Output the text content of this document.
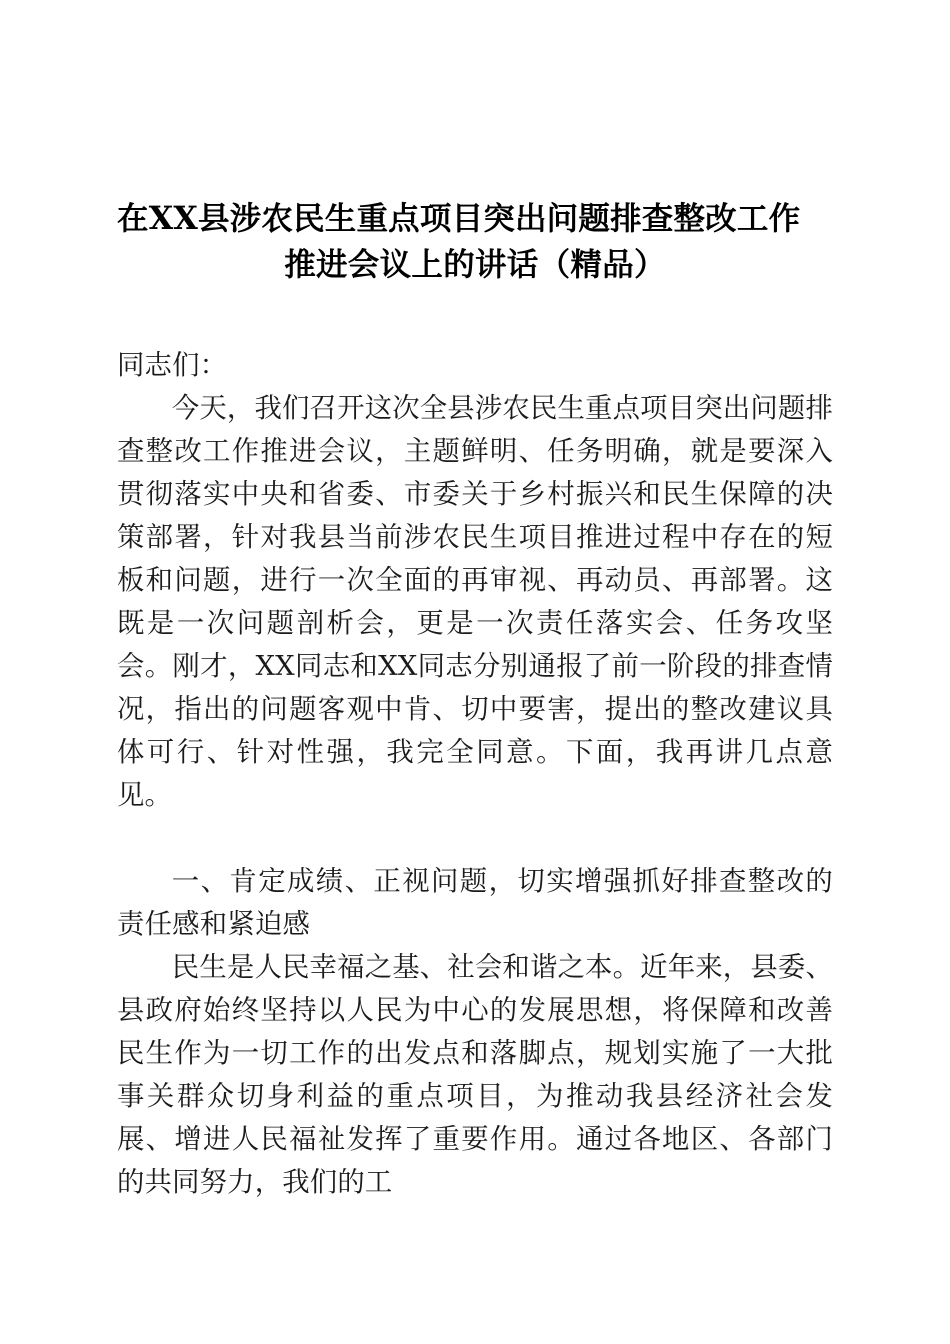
在XX县涉农民生重点项目突出问题排查整改工作
推进会议上的讲话（精品）

同志们：

今天，我们召开这次全县涉农民生重点项目突出问题排查整改工作推进会议，主题鲜明、任务明确，就是要深入贯彻落实中央和省委、市委关于乡村振兴和民生保障的决策部署，针对我县当前涉农民生项目推进过程中存在的短板和问题，进行一次全面的再审视、再动员、再部署。这既是一次问题剖析会，更是一次责任落实会、任务攻坚会。刚才，XX同志和XX同志分别通报了前一阶段的排查情况，指出的问题客观中肯、切中要害，提出的整改建议具体可行、针对性强，我完全同意。下面，我再讲几点意见。

一、肯定成绩、正视问题，切实增强抓好排查整改的责任感和紧迫感

民生是人民幸福之基、社会和谐之本。近年来，县委、县政府始终坚持以人民为中心的发展思想，将保障和改善民生作为一切工作的出发点和落脚点，规划实施了一大批事关群众切身利益的重点项目，为推动我县经济社会发展、增进人民福祉发挥了重要作用。通过各地区、各部门的共同努力，我们的工
